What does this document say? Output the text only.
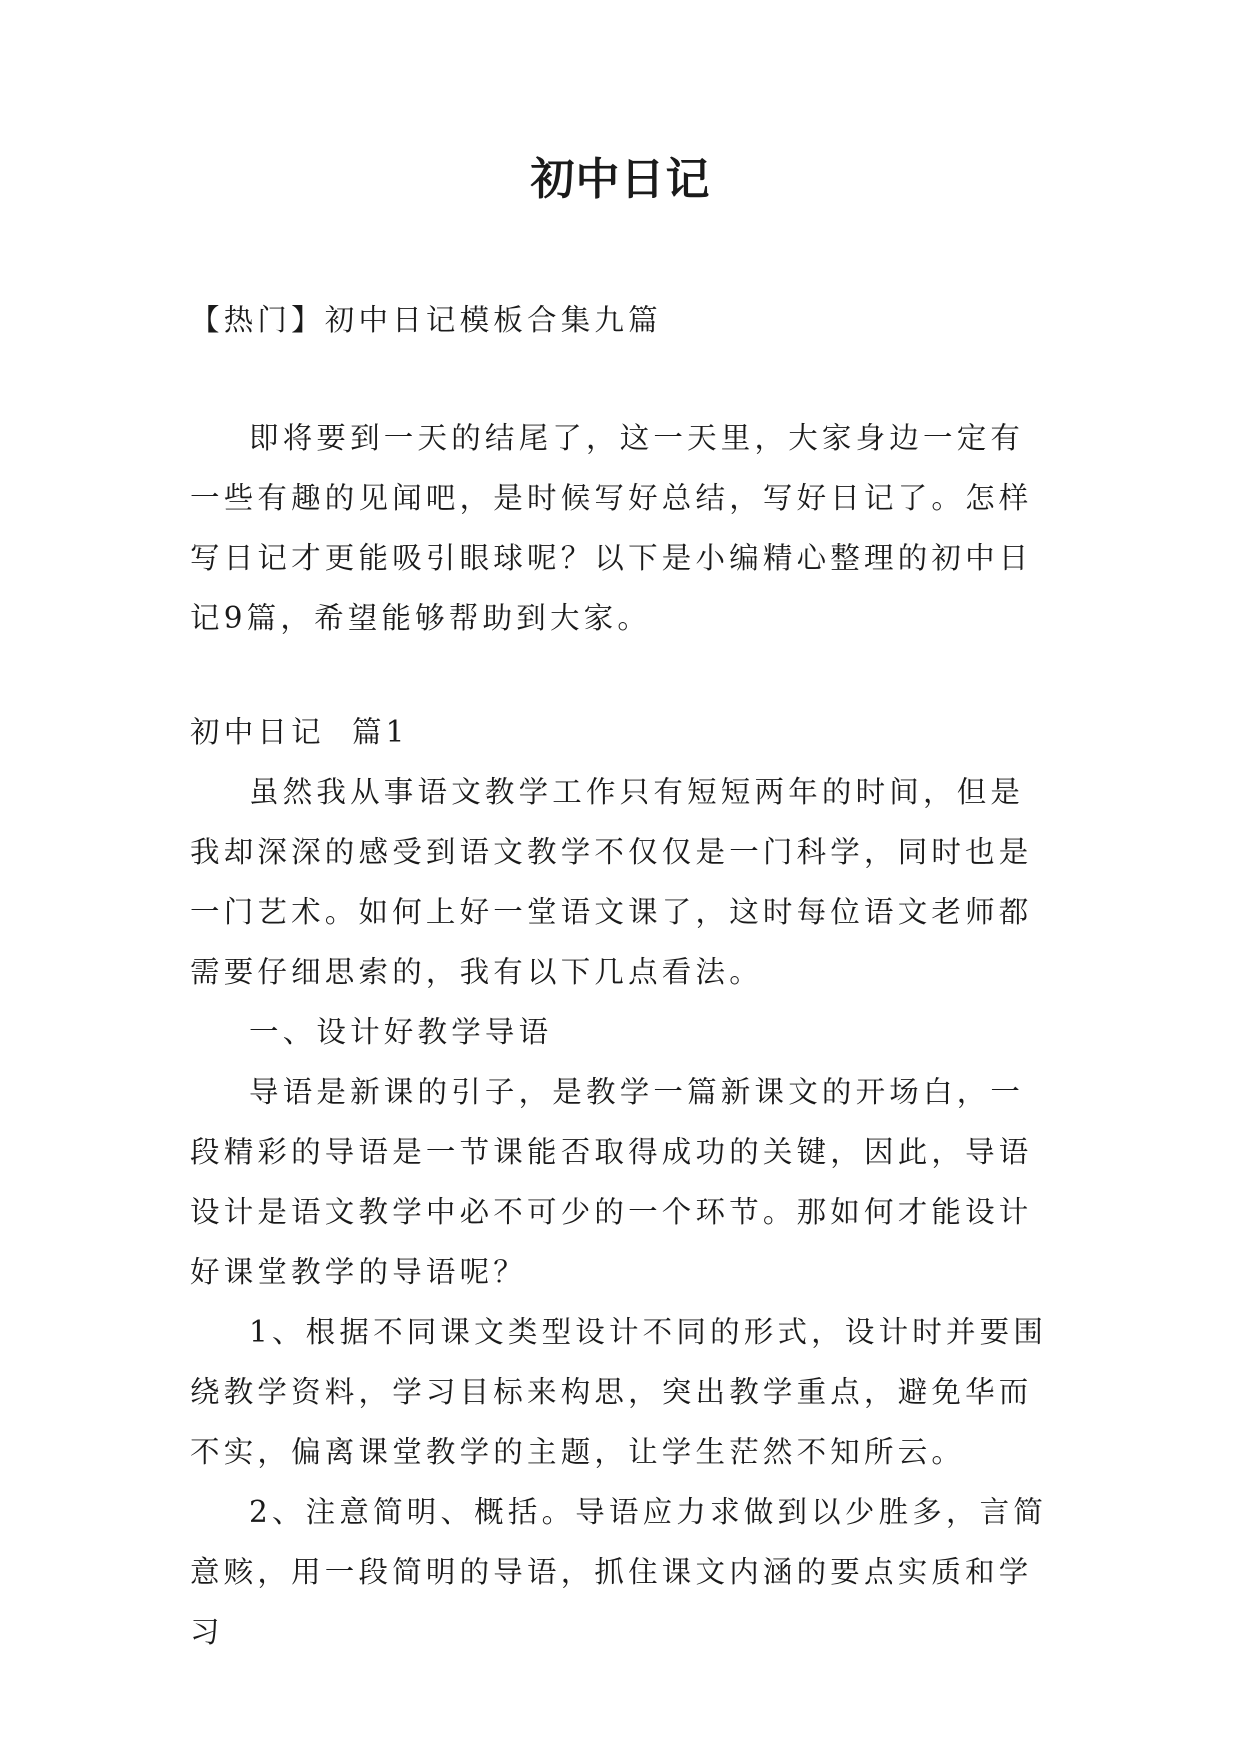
初中日记

【热门】初中日记模板合集九篇

即将要到一天的结尾了，这一天里，大家身边一定有一些有趣的见闻吧，是时候写好总结，写好日记了。怎样写日记才更能吸引眼球呢？以下是小编精心整理的初中日记9篇，希望能够帮助到大家。

初中日记  篇1

虽然我从事语文教学工作只有短短两年的时间，但是我却深深的感受到语文教学不仅仅是一门科学，同时也是一门艺术。如何上好一堂语文课了，这时每位语文老师都需要仔细思索的，我有以下几点看法。

一、设计好教学导语

导语是新课的引子，是教学一篇新课文的开场白，一段精彩的导语是一节课能否取得成功的关键，因此，导语设计是语文教学中必不可少的一个环节。那如何才能设计好课堂教学的导语呢？

1、根据不同课文类型设计不同的形式，设计时并要围绕教学资料，学习目标来构思，突出教学重点，避免华而不实，偏离课堂教学的主题，让学生茫然不知所云。

2、注意简明、概括。导语应力求做到以少胜多，言简意赅，用一段简明的导语，抓住课文内涵的要点实质和学习
